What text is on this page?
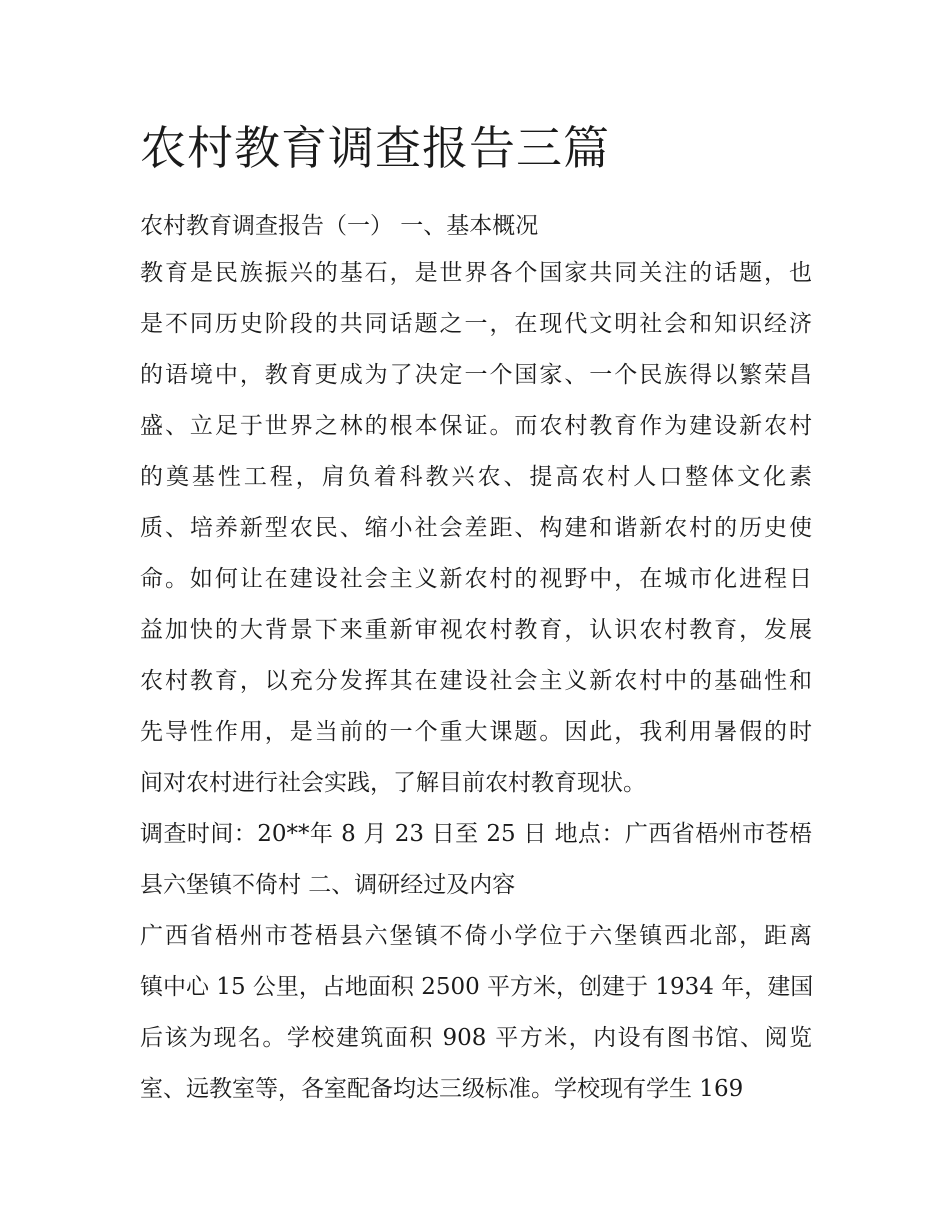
农村教育调查报告三篇

农村教育调查报告（一） 一、基本概况

教育是民族振兴的基石，是世界各个国家共同关注的话题，也
是不同历史阶段的共同话题之一，在现代文明社会和知识经济
的语境中，教育更成为了决定一个国家、一个民族得以繁荣昌
盛、立足于世界之林的根本保证。而农村教育作为建设新农村
的奠基性工程，肩负着科教兴农、提高农村人口整体文化素
质、培养新型农民、缩小社会差距、构建和谐新农村的历史使
命。如何让在建设社会主义新农村的视野中，在城市化进程日
益加快的大背景下来重新审视农村教育，认识农村教育，发展
农村教育，以充分发挥其在建设社会主义新农村中的基础性和
先导性作用，是当前的一个重大课题。因此，我利用暑假的时
间对农村进行社会实践，了解目前农村教育现状。
调查时间：20**年 8 月 23 日至 25 日 地点：广西省梧州市苍梧
县六堡镇不倚村 二、调研经过及内容
广西省梧州市苍梧县六堡镇不倚小学位于六堡镇西北部，距离
镇中心 15 公里，占地面积 2500 平方米，创建于 1934 年，建国
后该为现名。学校建筑面积 908 平方米，内设有图书馆、阅览
室、远教室等，各室配备均达三级标准。学校现有学生 169
